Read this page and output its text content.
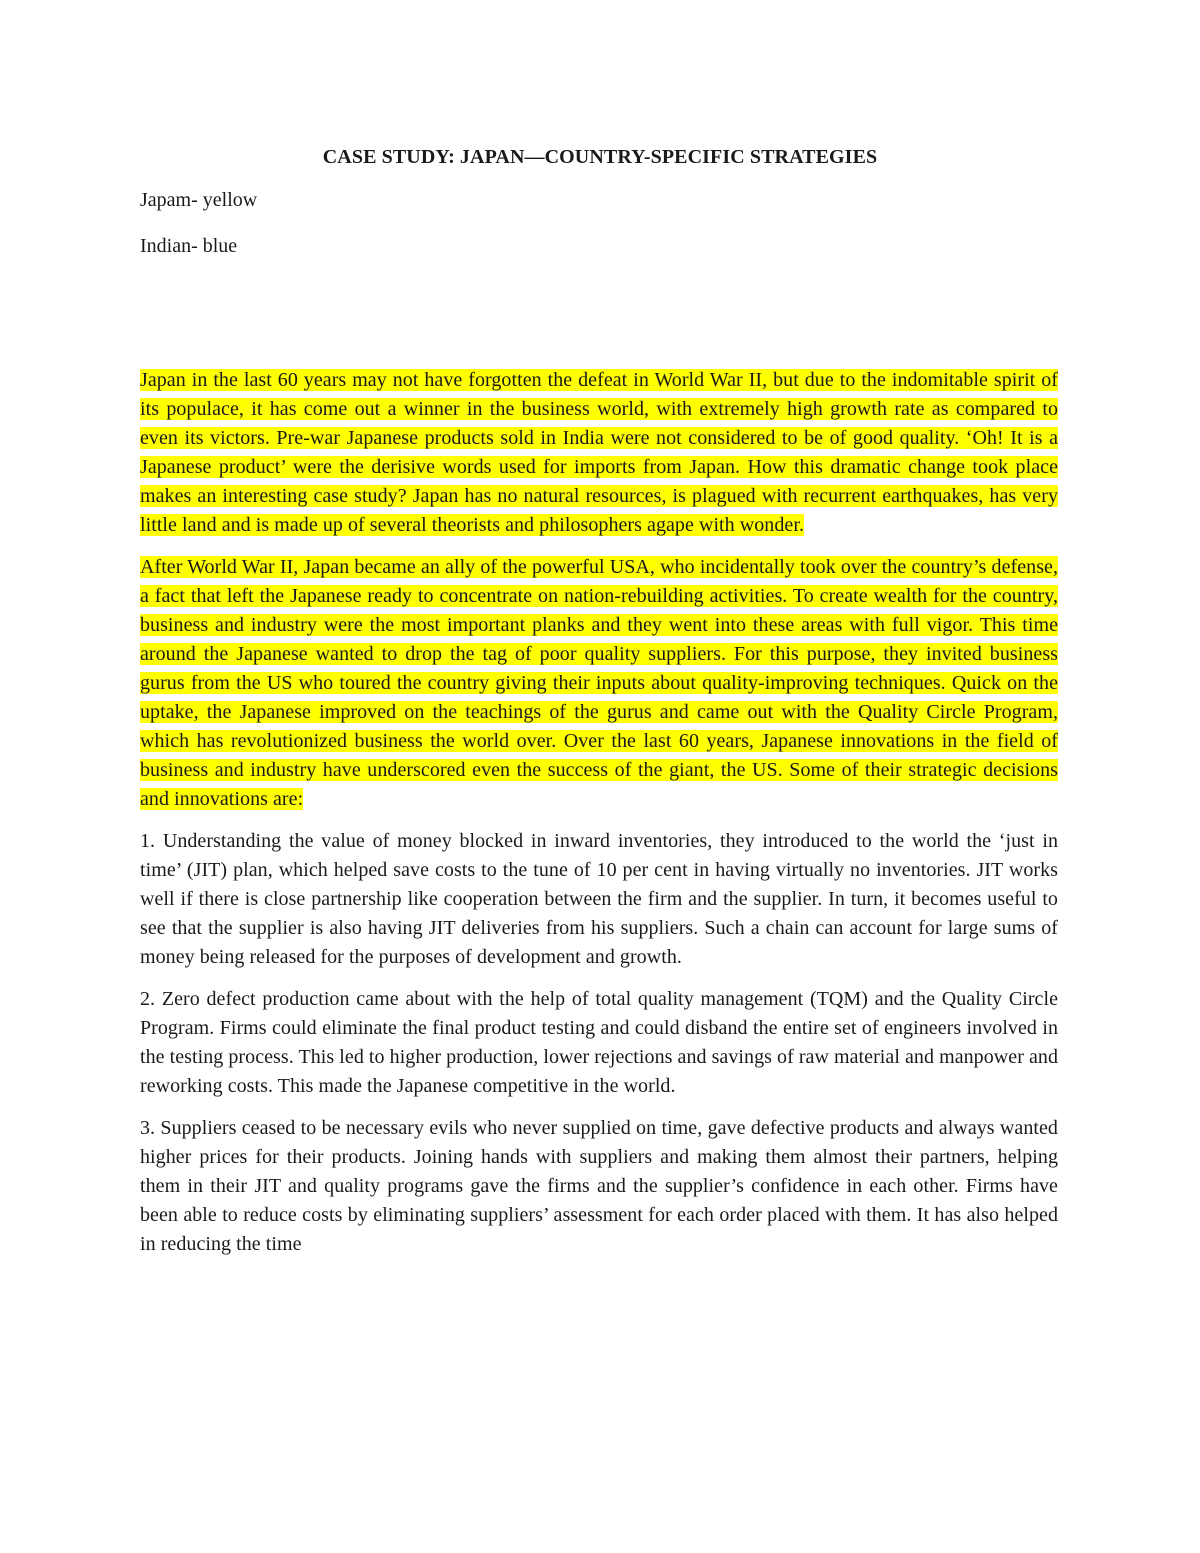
CASE STUDY: JAPAN—COUNTRY-SPECIFIC STRATEGIES
Japam- yellow
Indian- blue

Japan in the last 60 years may not have forgotten the defeat in World War II, but due to the indomitable spirit of its populace, it has come out a winner in the business world, with extremely high growth rate as compared to even its victors. Pre-war Japanese products sold in India were not considered to be of good quality. ‘Oh! It is a Japanese product’ were the derisive words used for imports from Japan. How this dramatic change took place makes an interesting case study? Japan has no natural resources, is plagued with recurrent earthquakes, has very little land and is made up of several theorists and philosophers agape with wonder.

After World War II, Japan became an ally of the powerful USA, who incidentally took over the country’s defense, a fact that left the Japanese ready to concentrate on nation-rebuilding activities. To create wealth for the country, business and industry were the most important planks and they went into these areas with full vigor. This time around the Japanese wanted to drop the tag of poor quality suppliers. For this purpose, they invited business gurus from the US who toured the country giving their inputs about quality-improving techniques. Quick on the uptake, the Japanese improved on the teachings of the gurus and came out with the Quality Circle Program, which has revolutionized business the world over. Over the last 60 years, Japanese innovations in the field of business and industry have underscored even the success of the giant, the US. Some of their strategic decisions and innovations are:

1. Understanding the value of money blocked in inward inventories, they introduced to the world the ‘just in time’ (JIT) plan, which helped save costs to the tune of 10 per cent in having virtually no inventories. JIT works well if there is close partnership like cooperation between the firm and the supplier. In turn, it becomes useful to see that the supplier is also having JIT deliveries from his suppliers. Such a chain can account for large sums of money being released for the purposes of development and growth.

2. Zero defect production came about with the help of total quality management (TQM) and the Quality Circle Program. Firms could eliminate the final product testing and could disband the entire set of engineers involved in the testing process. This led to higher production, lower rejections and savings of raw material and manpower and reworking costs. This made the Japanese competitive in the world.

3. Suppliers ceased to be necessary evils who never supplied on time, gave defective products and always wanted higher prices for their products. Joining hands with suppliers and making them almost their partners, helping them in their JIT and quality programs gave the firms and the supplier’s confidence in each other. Firms have been able to reduce costs by eliminating suppliers’ assessment for each order placed with them. It has also helped in reducing the time
